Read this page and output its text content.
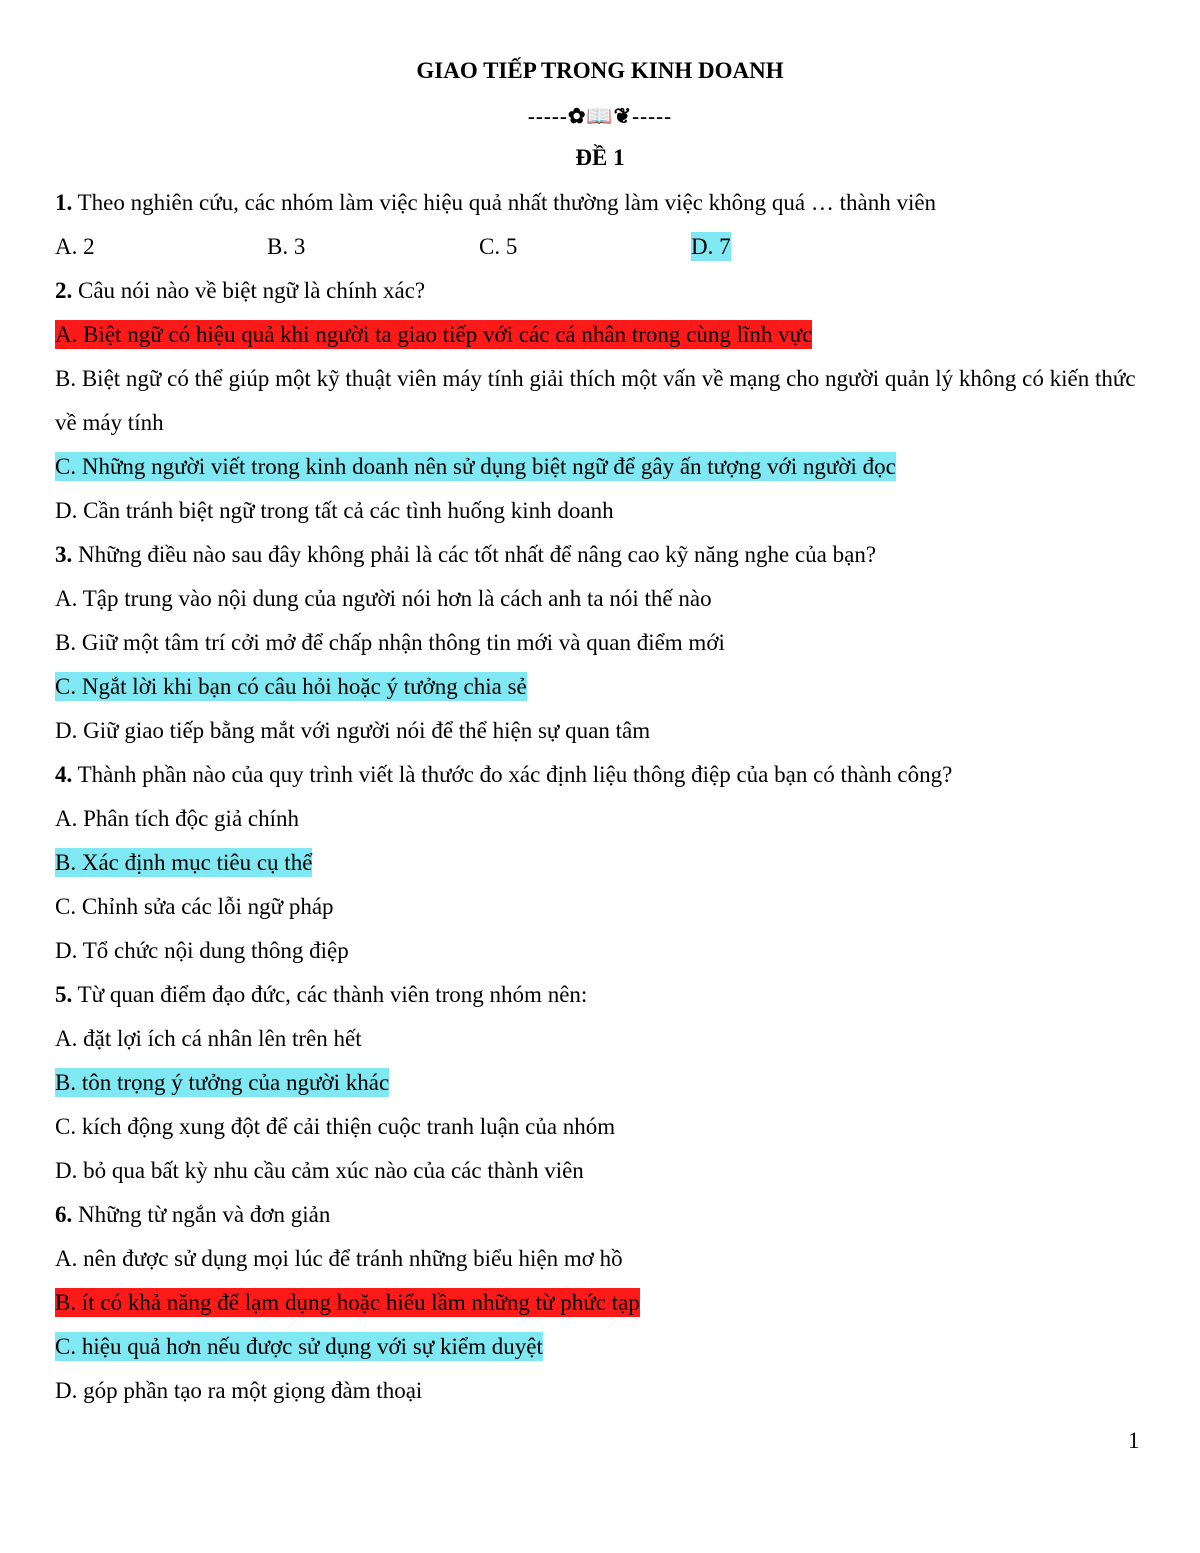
GIAO TIẾP TRONG KINH DOANH
-----✿📖❦-----
ĐỀ 1
1. Theo nghiên cứu, các nhóm làm việc hiệu quả nhất thường làm việc không quá … thành viên
A. 2	B. 3	C. 5	D. 7
2. Câu nói nào về biệt ngữ là chính xác?
A. Biệt ngữ có hiệu quả khi người ta giao tiếp với các cá nhân trong cùng lĩnh vực
B. Biệt ngữ có thể giúp một kỹ thuật viên máy tính giải thích một vấn về mạng cho người quản lý không có kiến thức về máy tính
C. Những người viết trong kinh doanh nên sử dụng biệt ngữ để gây ấn tượng với người đọc
D. Cần tránh biệt ngữ trong tất cả các tình huống kinh doanh
3. Những điều nào sau đây không phải là các tốt nhất để nâng cao kỹ năng nghe của bạn?
A. Tập trung vào nội dung của người nói hơn là cách anh ta nói thế nào
B. Giữ một tâm trí cởi mở để chấp nhận thông tin mới và quan điểm mới
C. Ngắt lời khi bạn có câu hỏi hoặc ý tưởng chia sẻ
D. Giữ giao tiếp bằng mắt với người nói để thể hiện sự quan tâm
4. Thành phần nào của quy trình viết là thước đo xác định liệu thông điệp của bạn có thành công?
A. Phân tích độc giả chính
B. Xác định mục tiêu cụ thể
C. Chỉnh sửa các lỗi ngữ pháp
D. Tổ chức nội dung thông điệp
5. Từ quan điểm đạo đức, các thành viên trong nhóm nên:
A. đặt lợi ích cá nhân lên trên hết
B. tôn trọng ý tưởng của người khác
C. kích động xung đột để cải thiện cuộc tranh luận của nhóm
D. bỏ qua bất kỳ nhu cầu cảm xúc nào của các thành viên
6. Những từ ngắn và đơn giản
A. nên được sử dụng mọi lúc để tránh những biểu hiện mơ hồ
B. ít có khả năng để lạm dụng hoặc hiểu lầm những từ phức tạp
C. hiệu quả hơn nếu được sử dụng với sự kiểm duyệt
D. góp phần tạo ra một giọng đàm thoại
1
